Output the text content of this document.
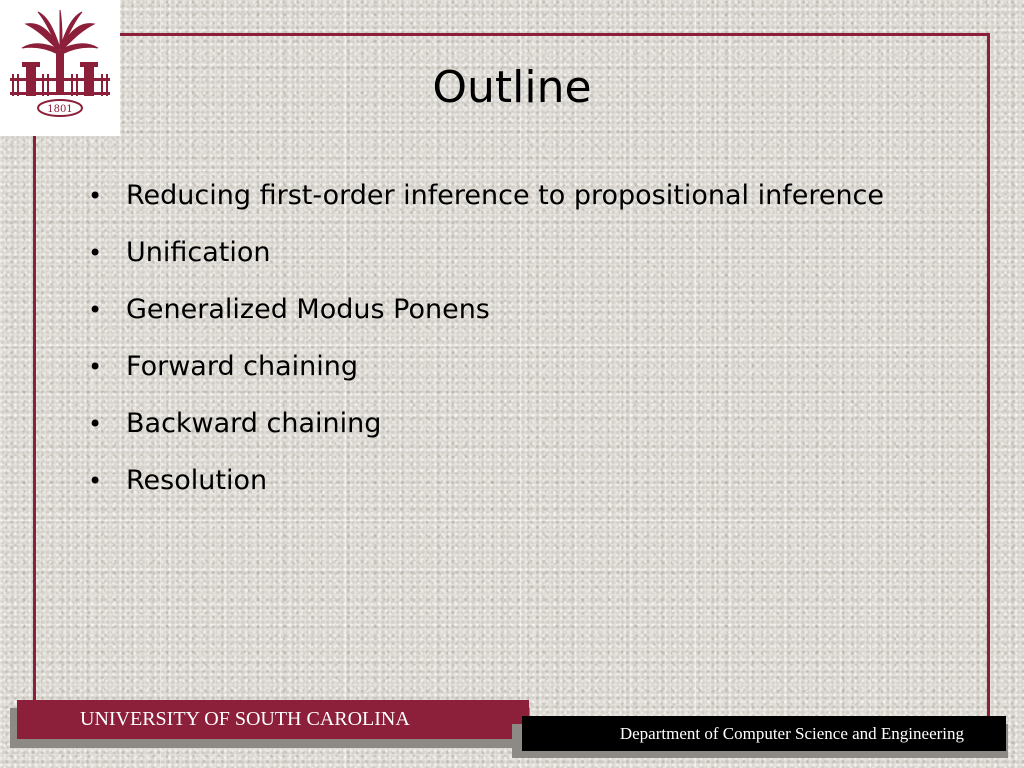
1801	Outline
• Reducing first-order inference to propositional inference
• Unification
• Generalized Modus Ponens
• Forward chaining
• Backward chaining
• Resolution
UNIVERSITY OF SOUTH CAROLINA
Department of Computer Science and Engineering
